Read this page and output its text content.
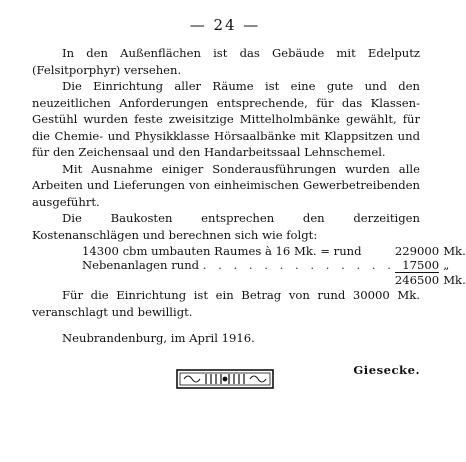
— 24 —

In den Außenflächen ist das Gebäude mit Edelputz (Felsitporphyr) versehen.

Die Einrichtung aller Räume ist eine gute und den neuzeitlichen Anforderungen entsprechende, für das Klassen-Gestühl wurden feste zweisitzige Mittelholmbänke gewählt, für die Chemie- und Physikklasse Hörsaalbänke mit Klappsitzen und für den Zeichensaal und den Handarbeitssaal Lehnschemel.

Mit Ausnahme einiger Sonderausführungen wurden alle Arbeiten und Lieferungen von einheimischen Gewerbetreibenden ausgeführt.

Die Baukosten entsprechen den derzeitigen Kostenanschlägen und berechnen sich wie folgt:

14300 cbm umbauten Raumes à 16 Mk. = rund	229000	Mk.
Nebenanlagen rund . . . . . . . . . . . . .	17500	„
	246500	Mk.

Für die Einrichtung ist ein Betrag von rund 30000 Mk. veranschlagt und bewilligt.

Neubrandenburg, im April 1916.
Giesecke.
